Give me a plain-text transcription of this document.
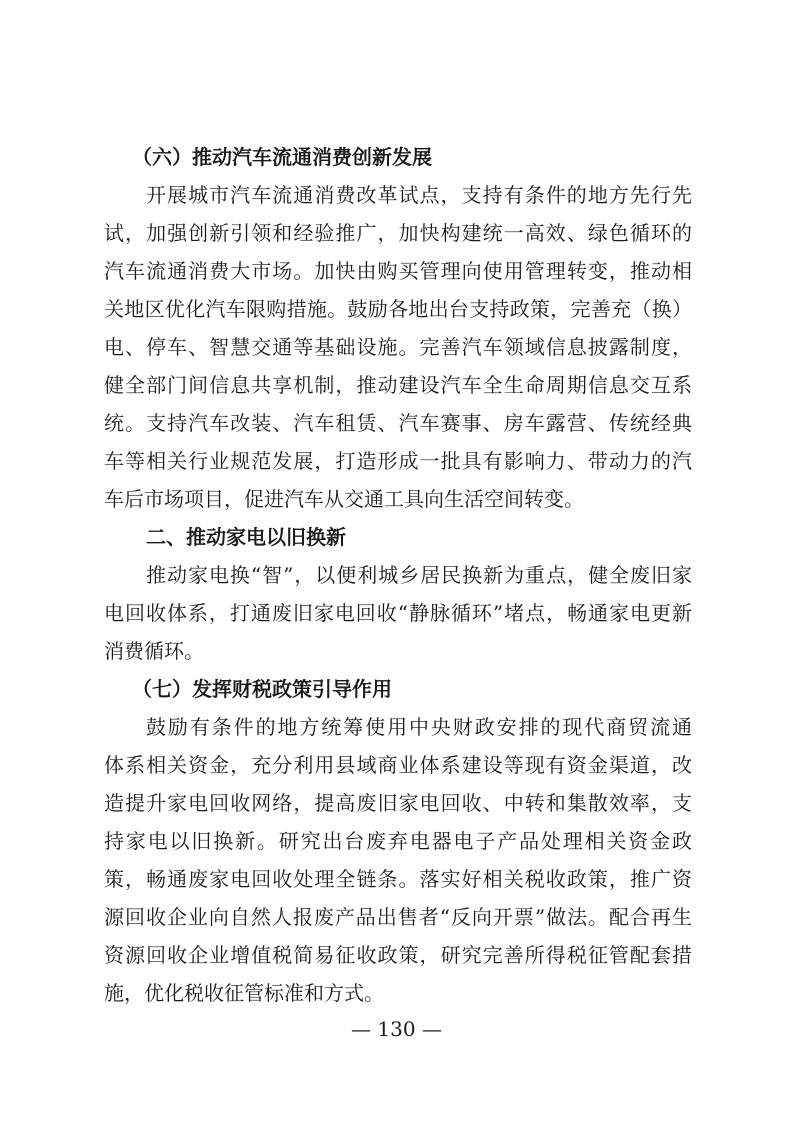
（六）推动汽车流通消费创新发展
开展城市汽车流通消费改革试点，支持有条件的地方先行先
试，加强创新引领和经验推广，加快构建统一高效、绿色循环的
汽车流通消费大市场。加快由购买管理向使用管理转变，推动相
关地区优化汽车限购措施。鼓励各地出台支持政策，完善充（换）
电、停车、智慧交通等基础设施。完善汽车领域信息披露制度，
健全部门间信息共享机制，推动建设汽车全生命周期信息交互系
统。支持汽车改装、汽车租赁、汽车赛事、房车露营、传统经典
车等相关行业规范发展，打造形成一批具有影响力、带动力的汽
车后市场项目，促进汽车从交通工具向生活空间转变。
二、推动家电以旧换新
推动家电换“智”，以便利城乡居民换新为重点，健全废旧家
电回收体系，打通废旧家电回收“静脉循环”堵点，畅通家电更新
消费循环。
（七）发挥财税政策引导作用
鼓励有条件的地方统筹使用中央财政安排的现代商贸流通
体系相关资金，充分利用县域商业体系建设等现有资金渠道，改
造提升家电回收网络，提高废旧家电回收、中转和集散效率，支
持家电以旧换新。研究出台废弃电器电子产品处理相关资金政
策，畅通废家电回收处理全链条。落实好相关税收政策，推广资
源回收企业向自然人报废产品出售者“反向开票”做法。配合再生
资源回收企业增值税简易征收政策，研究完善所得税征管配套措
施，优化税收征管标准和方式。
— 130 —
